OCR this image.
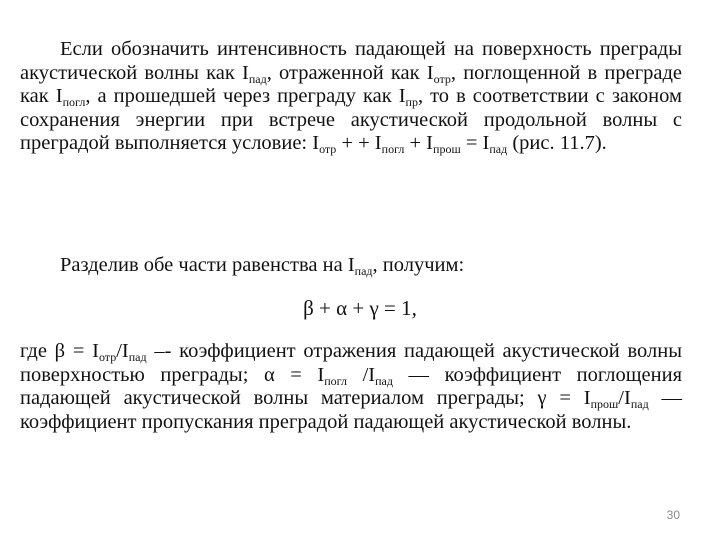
Если обозначить интенсивность падающей на поверхность преграды акустической волны как $I_{пад}$, отраженной как $I_{отр}$, поглощенной в преграде как $I_{погл}$, а прошедшей через преграду как $I_{пр}$, то в соответствии с законом сохранения энергии при встрече акустической продольной волны с преградой выполняется условие: $I_{отр}$ + + $I_{погл} + I_{прош} = I_{пад}$ (рис. 11.7).

Разделив обе части равенства на $I_{пад}$, получим:

β + α + γ = 1,

где $\beta = I_{отр}/I_{пад}$ –- коэффициент отражения падающей акустической волны поверхностью преграды; $\alpha = I_{погл}$ $/I_{пад}$ — коэффициент поглощения падающей акустической волны материалом преграды; $\gamma = I_{прош}/I_{пад}$ — коэффициент пропускания преградой падающей акустической волны.

30
